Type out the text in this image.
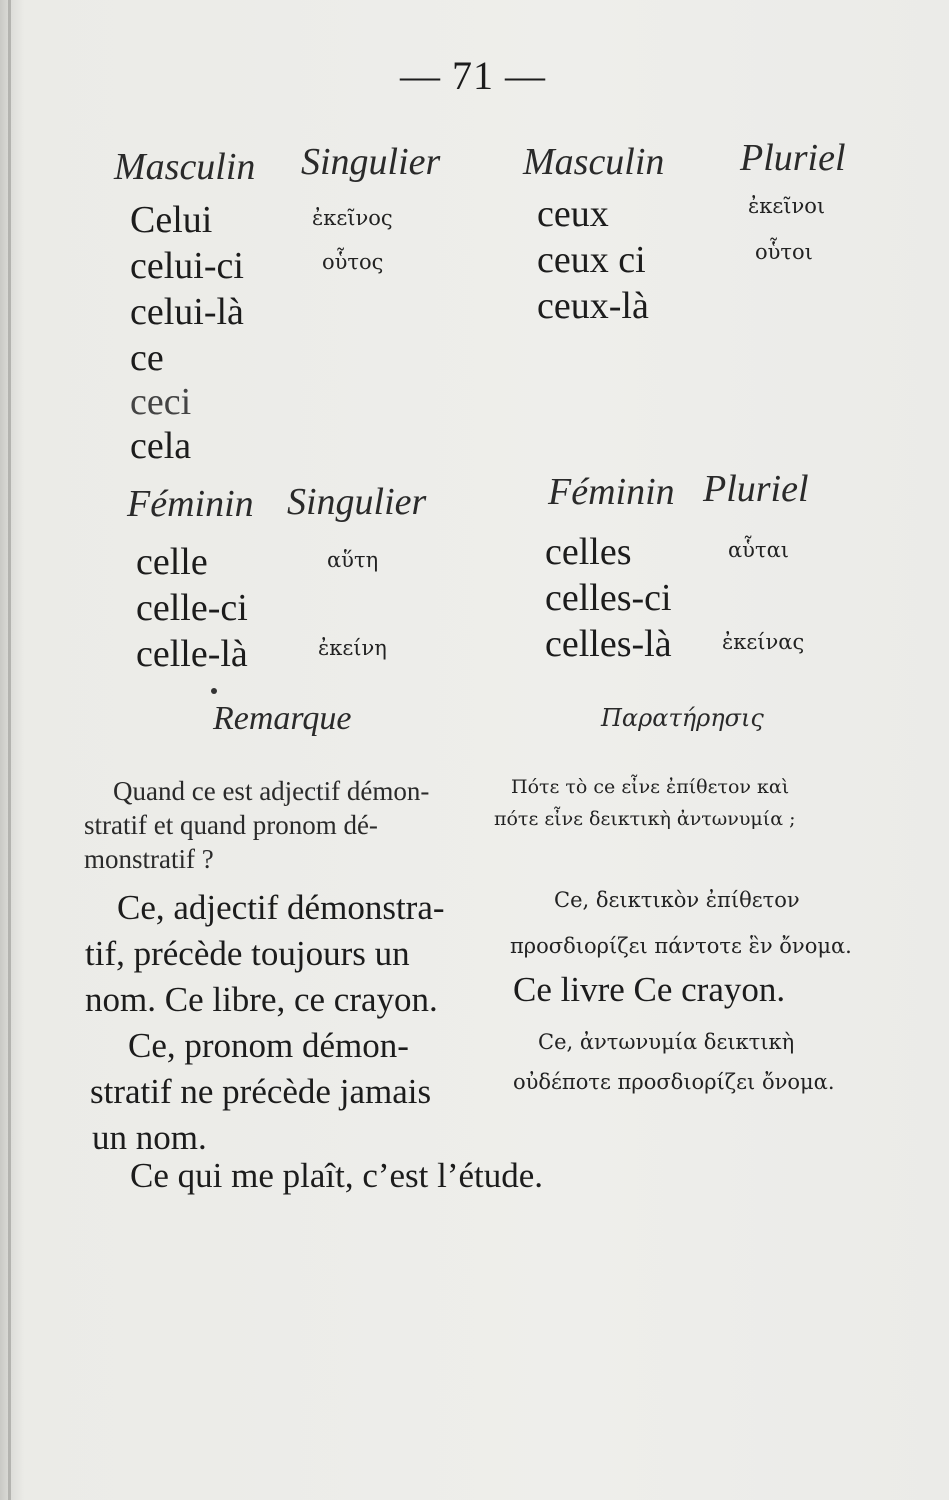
— 71 —
Masculin Singulier
Celui
celui-ci
celui-là
ce
ceci
cela
ἐκεῖνος
οὗτος
Masculin Pluriel
ceux
ceux ci
ceux-là
ἐκεῖνοι
οὗτοι
Féminin Singulier
celle
celle-ci
celle-là
αὕτη
ἐκείνη
Féminin Pluriel
celles
celles-ci
celles-là
αὗται
ἐκείνας
Remarque	Παρατήρησις
Quand ce est adjectif démon-
stratif et quand pronom dé-
monstratif ?
Πότε τὸ ce εἶνε ἐπίθετον καὶ
πότε εἶνε δεικτικὴ ἀντωνυμία ;
Ce, adjectif démonstra-
tif, précède toujours un
nom. Ce libre, ce crayon.
Ce, pronom démon-
stratif ne précède jamais
un nom.
Ce, δεικτικὸν ἐπίθετον
προσδιορίζει πάντοτε ἓν ὄνομα.
Ce livre Ce crayon.
Ce, ἀντωνυμία δεικτικὴ
οὐδέποτε προσδιορίζει ὄνομα.
Ce qui me plaît, c’est l’étude.
